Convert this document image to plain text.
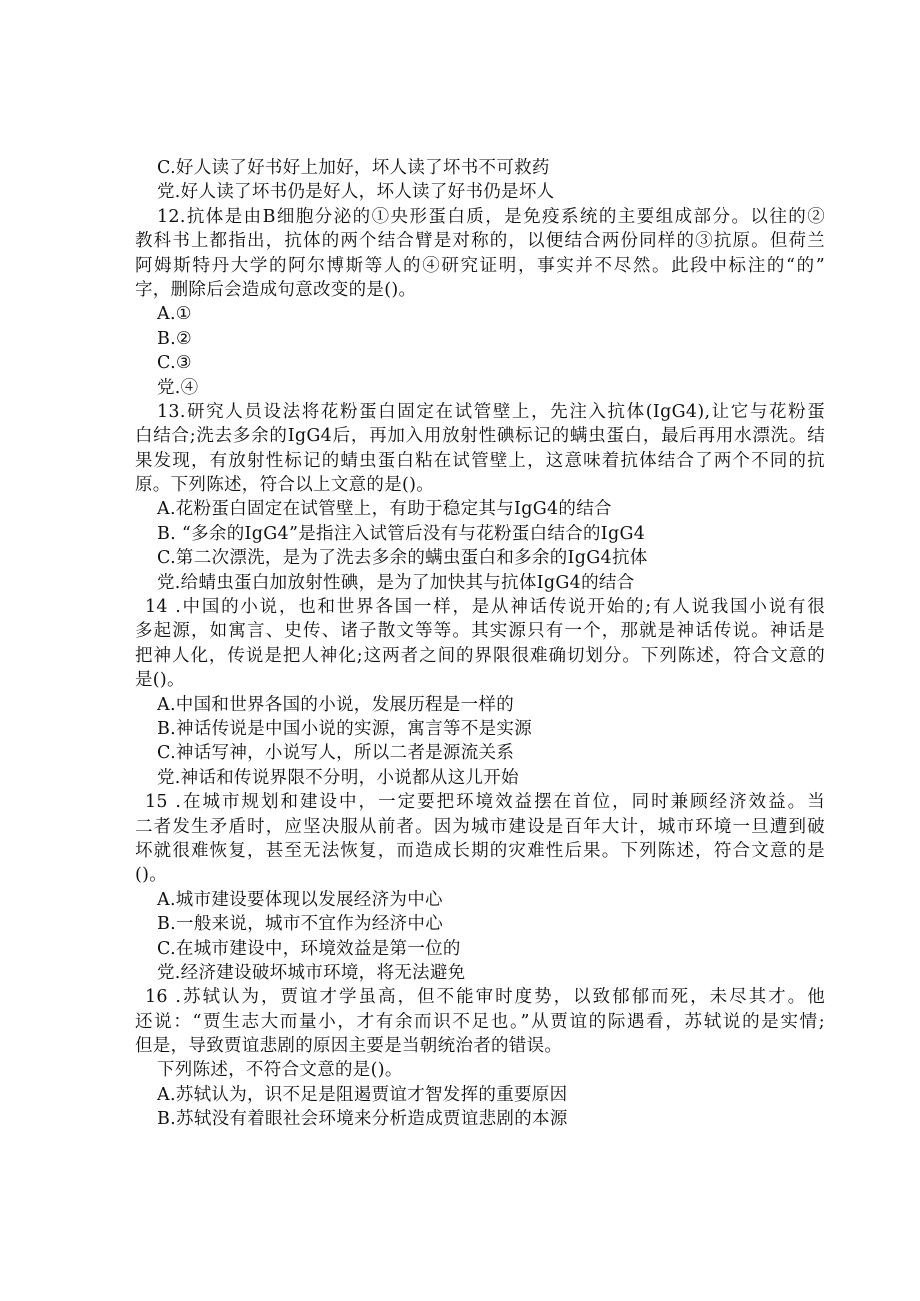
C.好人读了好书好上加好，坏人读了坏书不可救药
党.好人读了坏书仍是好人，坏人读了好书仍是坏人
12.抗体是由B细胞分泌的①央形蛋白质，是免疫系统的主要组成部分。以往的②
教科书上都指出，抗体的两个结合臂是对称的，以便结合两份同样的③抗原。但荷兰
阿姆斯特丹大学的阿尔博斯等人的④研究证明，事实并不尽然。此段中标注的“的”
字，删除后会造成句意改变的是()。
A.①
B.②
C.③
党.④
13.研究人员设法将花粉蛋白固定在试管壁上，先注入抗体(IgG4),让它与花粉蛋
白结合;洗去多余的IgG4后，再加入用放射性碘标记的螨虫蛋白，最后再用水漂洗。结
果发现，有放射性标记的蜻虫蛋白粘在试管壁上，这意味着抗体结合了两个不同的抗
原。下列陈述，符合以上文意的是()。
A.花粉蛋白固定在试管壁上，有助于稳定其与IgG4的结合
B. “多余的IgG4”是指注入试管后没有与花粉蛋白结合的IgG4
C.第二次漂洗，是为了洗去多余的螨虫蛋白和多余的IgG4抗体
党.给蜻虫蛋白加放射性碘，是为了加快其与抗体IgG4的结合
14 .中国的小说，也和世界各国一样，是从神话传说开始的;有人说我国小说有很
多起源，如寓言、史传、诸子散文等等。其实源只有一个，那就是神话传说。神话是
把神人化，传说是把人神化;这两者之间的界限很难确切划分。下列陈述，符合文意的
是()。
A.中国和世界各国的小说，发展历程是一样的
B.神话传说是中国小说的实源，寓言等不是实源
C.神话写神，小说写人，所以二者是源流关系
党.神话和传说界限不分明，小说都从这儿开始
15 .在城市规划和建设中，一定要把环境效益摆在首位，同时兼顾经济效益。当
二者发生矛盾时，应坚决服从前者。因为城市建设是百年大计，城市环境一旦遭到破
坏就很难恢复，甚至无法恢复，而造成长期的灾难性后果。下列陈述，符合文意的是
()。
A.城市建设要体现以发展经济为中心
B.一般来说，城市不宜作为经济中心
C.在城市建设中，环境效益是第一位的
党.经济建设破坏城市环境，将无法避免
16 .苏轼认为，贾谊才学虽高，但不能审时度势，以致郁郁而死，未尽其才。他
还说：“贾生志大而量小，才有余而识不足也。”从贾谊的际遇看，苏轼说的是实情;
但是，导致贾谊悲剧的原因主要是当朝统治者的错误。
下列陈述，不符合文意的是()。
A.苏轼认为，识不足是阻遏贾谊才智发挥的重要原因
B.苏轼没有着眼社会环境来分析造成贾谊悲剧的本源
